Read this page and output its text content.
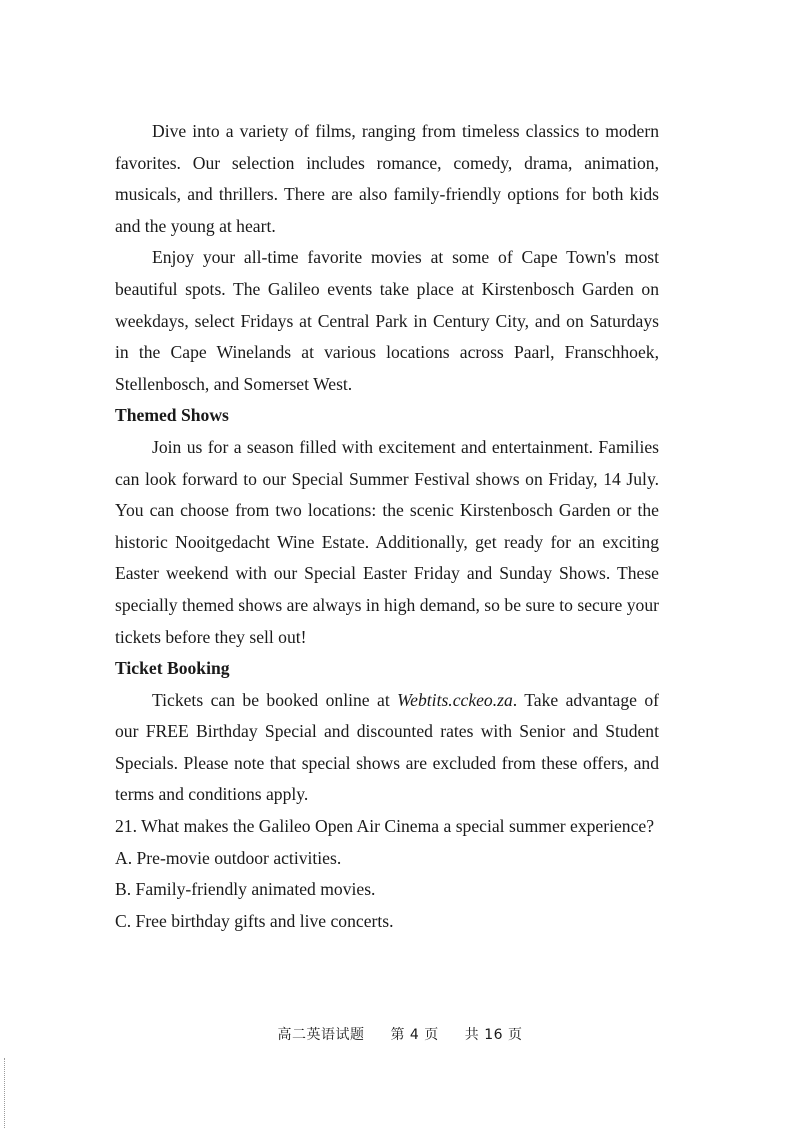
Dive into a variety of films, ranging from timeless classics to modern favorites. Our selection includes romance, comedy, drama, animation, musicals, and thrillers. There are also family-friendly options for both kids and the young at heart.

Enjoy your all-time favorite movies at some of Cape Town's most beautiful spots. The Galileo events take place at Kirstenbosch Garden on weekdays, select Fridays at Central Park in Century City, and on Saturdays in the Cape Winelands at various locations across Paarl, Franschhoek, Stellenbosch, and Somerset West.

Themed Shows

Join us for a season filled with excitement and entertainment. Families can look forward to our Special Summer Festival shows on Friday, 14 July. You can choose from two locations: the scenic Kirstenbosch Garden or the historic Nooitgedacht Wine Estate. Additionally, get ready for an exciting Easter weekend with our Special Easter Friday and Sunday Shows. These specially themed shows are always in high demand, so be sure to secure your tickets before they sell out!

Ticket Booking

Tickets can be booked online at Webtits.cckeo.za. Take advantage of our FREE Birthday Special and discounted rates with Senior and Student Specials. Please note that special shows are excluded from these offers, and terms and conditions apply.

21. What makes the Galileo Open Air Cinema a special summer experience?

A. Pre-movie outdoor activities.

B. Family-friendly animated movies.

C. Free birthday gifts and live concerts.

高二英语试题 第 4 页 共 16 页
